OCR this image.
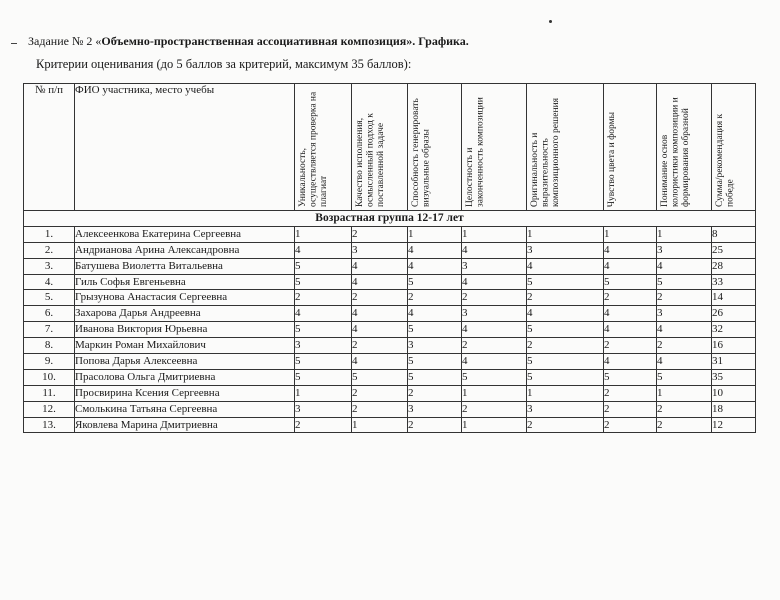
Задание № 2 «Объемно-пространственная ассоциативная композиция». Графика.
Критерии оценивания (до 5 баллов за критерий, максимум 35 баллов):
№ п/п	ФИО участника, место учебы	Уникальность, осуществляется проверка на плагиат	Качество исполнения, осмысленный подход к поставленной задаче	Способность генерировать визуальные образы	Целостность и законченность композиции	Оригинальность и выразительность композиционного решения	Чувство цвета и формы	Понимание основ колористики композиции и формирования образной	Сумма/рекомендация к победе

Возрастная группа 12-17 лет									
1.	Алексеенкова Екатерина Сергеевна	1	2	1	1	1	1	1	8
2.	Андрианова Арина Александровна	4	3	4	4	3	4	3	25
3.	Батушева Виолетта Витальевна	5	4	4	3	4	4	4	28
4.	Гиль Софья Евгеньевна	5	4	5	4	5	5	5	33
5.	Грызунова Анастасия Сергеевна	2	2	2	2	2	2	2	14
6.	Захарова Дарья Андреевна	4	4	4	3	4	4	3	26
7.	Иванова Виктория Юрьевна	5	4	5	4	5	4	4	32
8.	Маркин Роман Михайлович	3	2	3	2	2	2	2	16
9.	Попова Дарья Алексеевна	5	4	5	4	5	4	4	31
10.	Прасолова Ольга Дмитриевна	5	5	5	5	5	5	5	35
11.	Просвирина Ксения Сергеевна	1	2	2	1	1	2	1	10
12.	Смолькина Татьяна Сергеевна	3	2	3	2	3	2	2	18
13.	Яковлева Марина Дмитриевна	2	1	2	1	2	2	2	12
